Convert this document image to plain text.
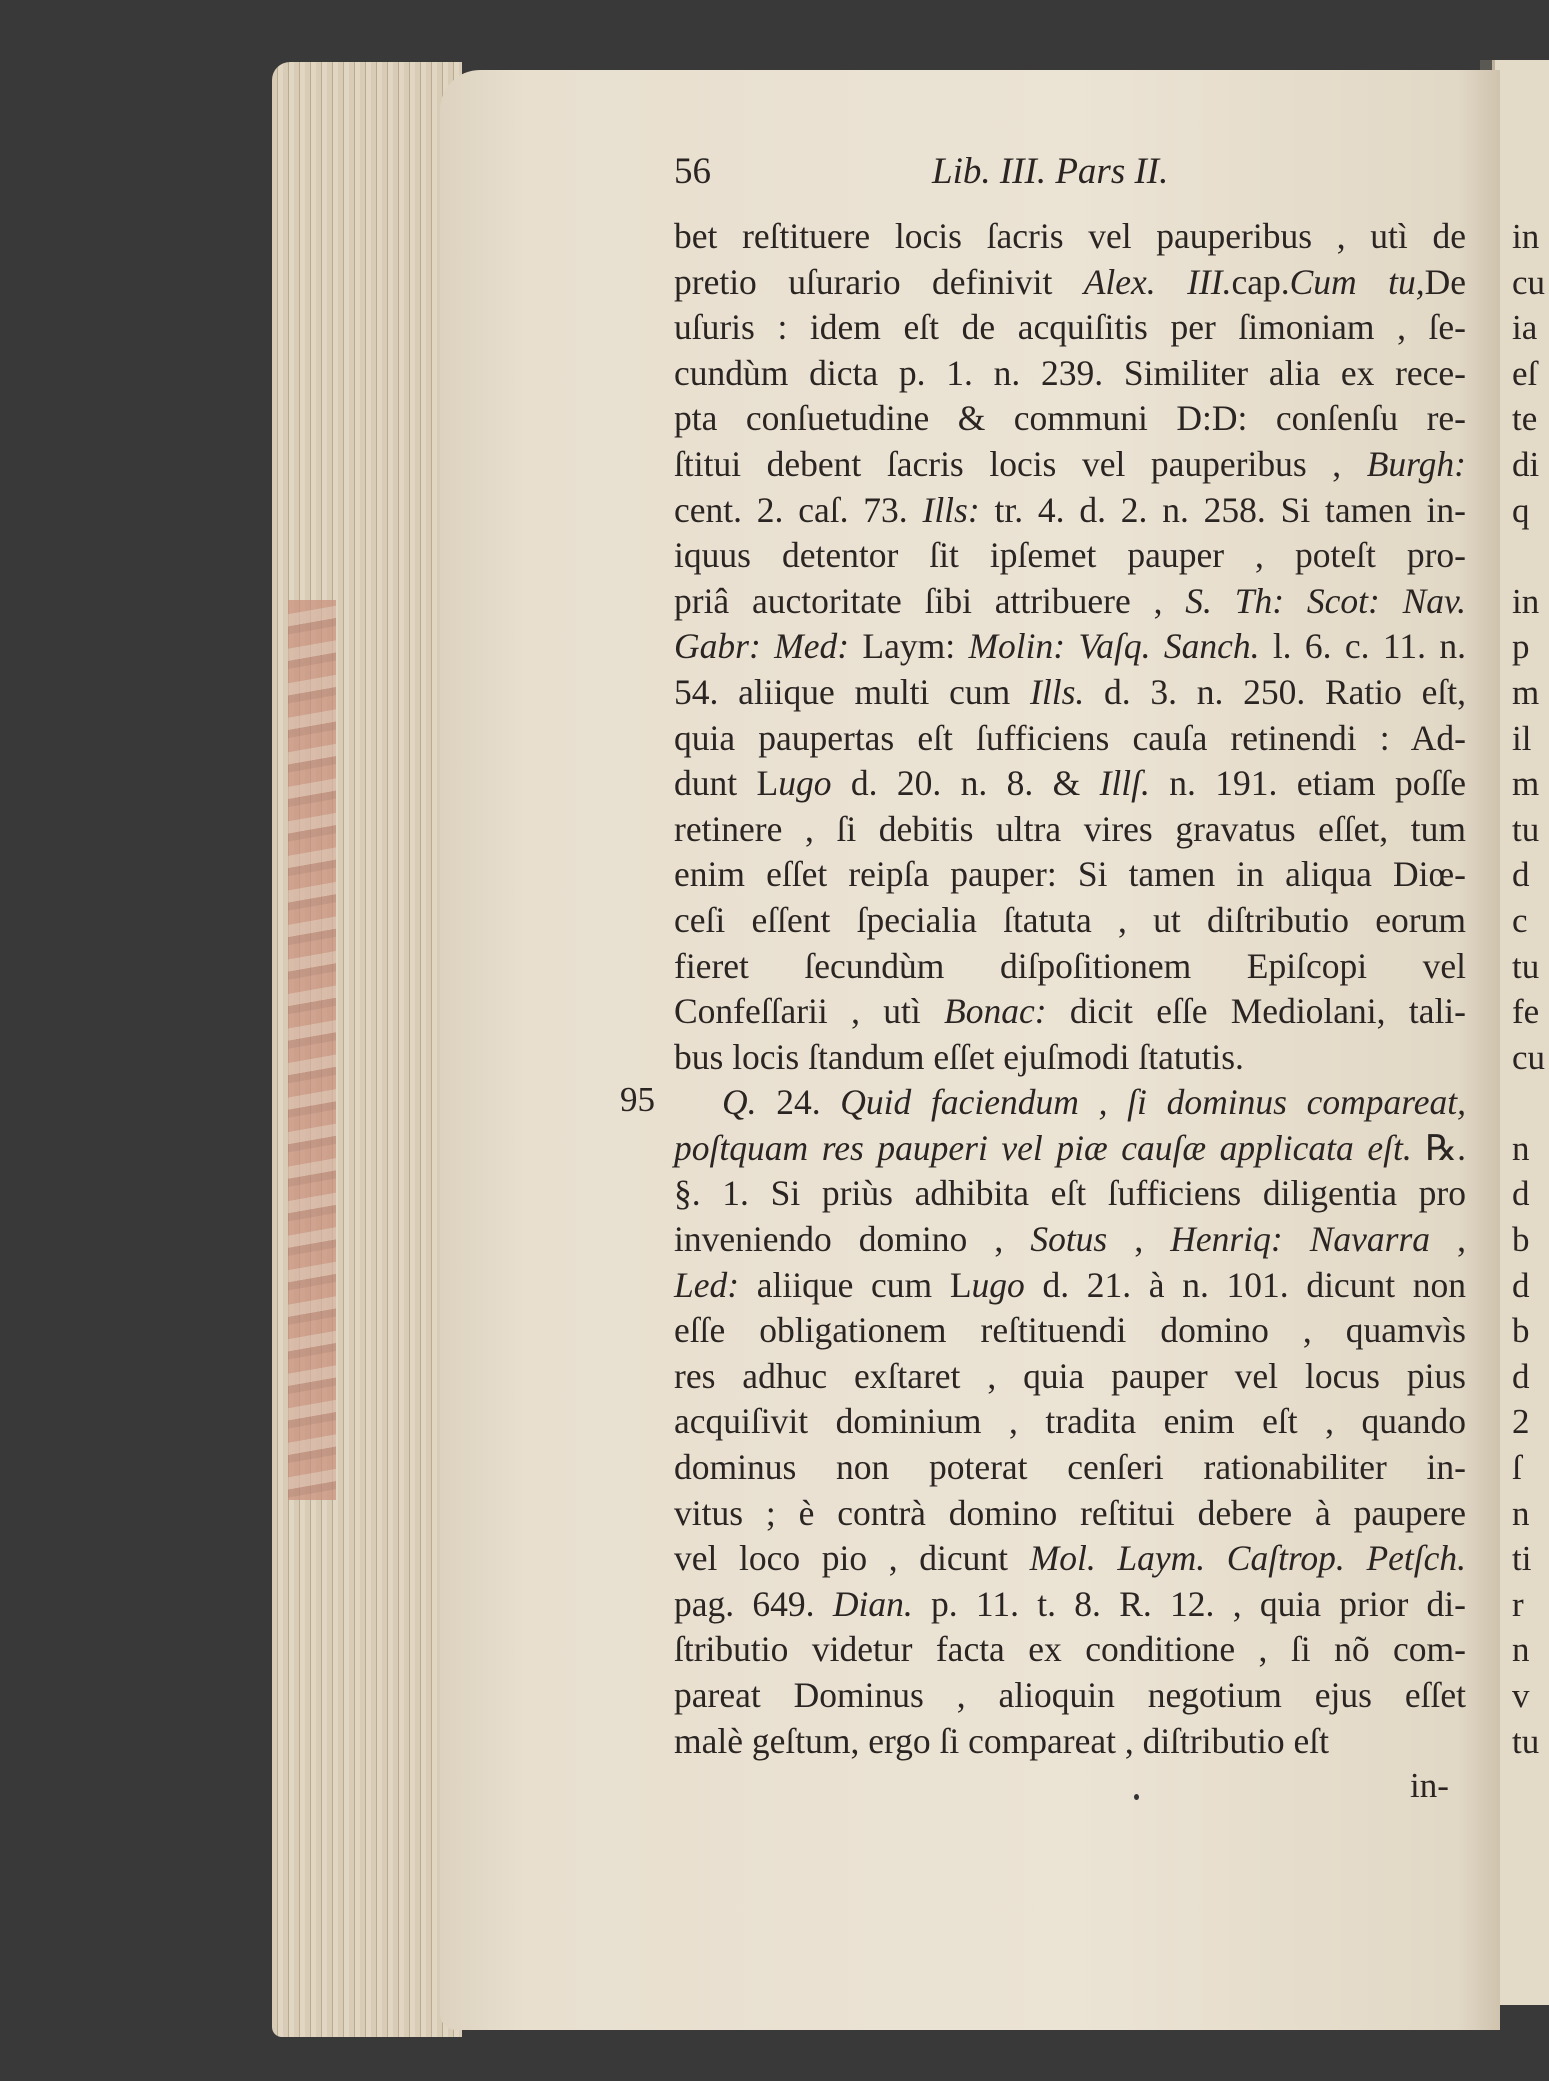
56	Lib. III. Pars II.
bet reſtituere locis ſacris vel pauperibus , utì de
pretio uſurario definivit Alex. III.cap.Cum tu,De
uſuris : idem eſt de acquiſitis per ſimoniam , ſe-
cundùm dicta p. 1. n. 239. Similiter alia ex rece-
pta conſuetudine & communi D:D: conſenſu re-
ſtitui debent ſacris locis vel pauperibus , Burgh:
cent. 2. caſ. 73. Ills: tr. 4. d. 2. n. 258. Si tamen in-
iquus detentor ſit ipſemet pauper , poteſt pro-
priâ auctoritate ſibi attribuere , S. Th: Scot: Nav.
Gabr: Med: Laym: Molin: Vaſq. Sanch. l. 6. c. 11. n.
54. aliique multi cum Ills. d. 3. n. 250. Ratio eſt,
quia paupertas eſt ſufficiens cauſa retinendi : Ad-
dunt Lugo d. 20. n. 8. & Illſ. n. 191. etiam poſſe
retinere , ſi debitis ultra vires gravatus eſſet, tum
enim eſſet reipſa pauper: Si tamen in aliqua Diœ-
ceſi eſſent ſpecialia ſtatuta , ut diſtributio eorum
fieret ſecundùm diſpoſitionem Epiſcopi vel
Confeſſarii , utì Bonac: dicit eſſe Mediolani, tali-
bus locis ſtandum eſſet ejuſmodi ſtatutis.
Q. 24. Quid faciendum , ſi dominus compareat,
poſtquam res pauperi vel piæ cauſæ applicata eſt. ℞.
§. 1. Si priùs adhibita eſt ſufficiens diligentia pro
inveniendo domino , Sotus , Henriq: Navarra ,
Led: aliique cum Lugo d. 21. à n. 101. dicunt non
eſſe obligationem reſtituendi domino , quamvìs
res adhuc exſtaret , quia pauper vel locus pius
acquiſivit dominium , tradita enim eſt , quando
dominus non poterat cenſeri rationabiliter in-
vitus ; è contrà domino reſtitui debere à paupere
vel loco pio , dicunt Mol. Laym. Caſtrop. Petſch.
pag. 649. Dian. p. 11. t. 8. R. 12. , quia prior di-
ſtributio videtur facta ex conditione , ſi nõ com-
pareat Dominus , alioquin negotium ejus eſſet
malè geſtum, ergo ſi compareat , diſtributio eſt
95
in-
in
cu
ia
eſ
te
di
q
in
p
m
il
m
tu
d
c
tu
fe
cu
n
d
b
d
b
d
2
ſ
n
ti
r
n
v
tu
